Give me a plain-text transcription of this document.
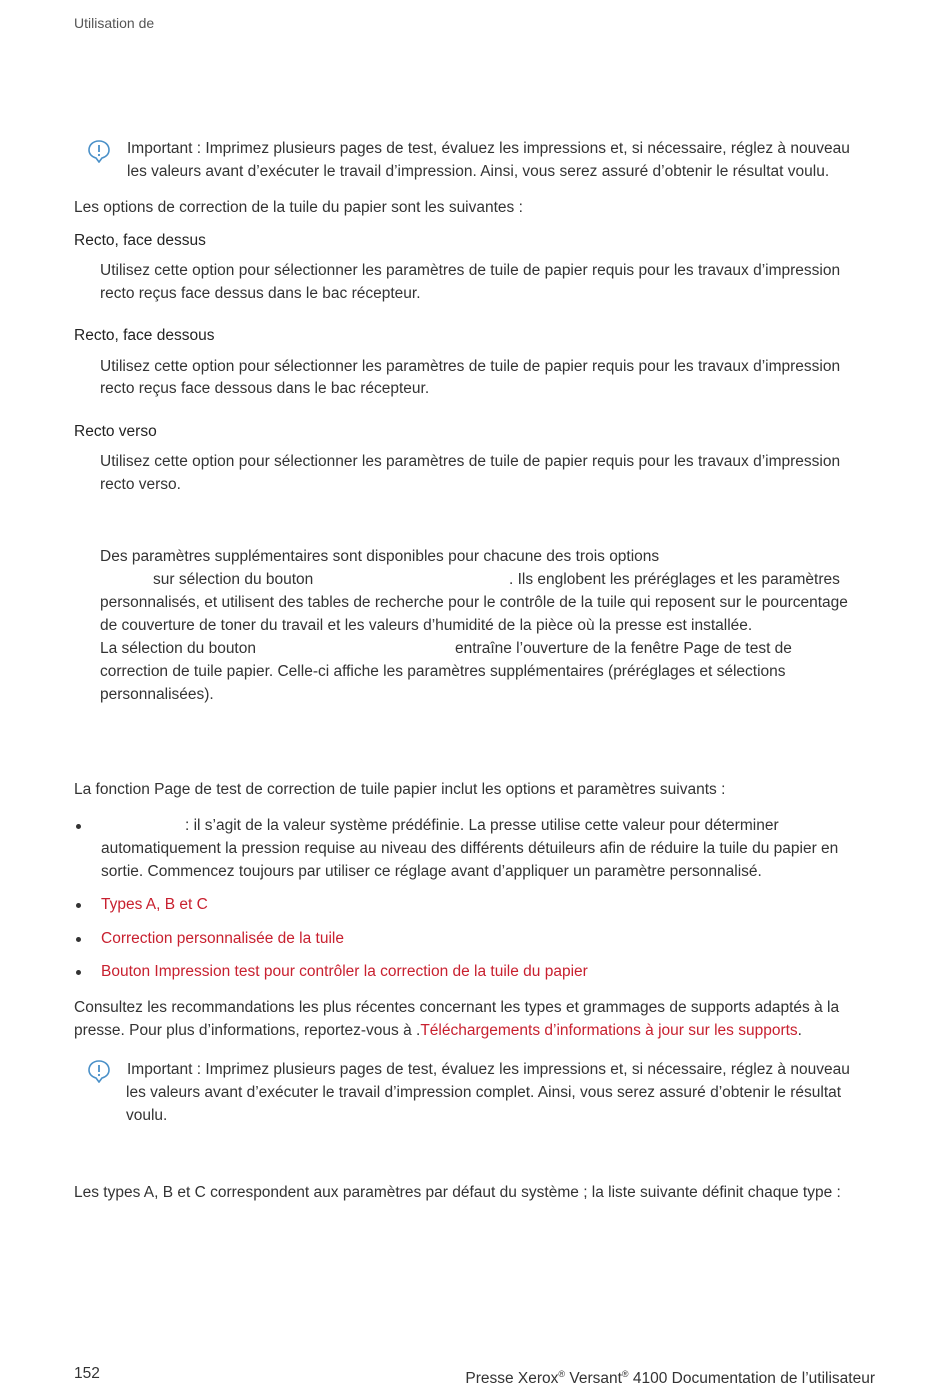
Utilisation de
Important : Imprimez plusieurs pages de test, évaluez les impressions et, si nécessaire, réglez à nouveau
les valeurs avant d’exécuter le travail d’impression. Ainsi, vous serez assuré d’obtenir le résultat voulu.
Les options de correction de la tuile du papier sont les suivantes :
Recto, face dessus
Utilisez cette option pour sélectionner les paramètres de tuile de papier requis pour les travaux d’impression
recto reçus face dessus dans le bac récepteur.
Recto, face dessous
Utilisez cette option pour sélectionner les paramètres de tuile de papier requis pour les travaux d’impression
recto reçus face dessous dans le bac récepteur.
Recto verso
Utilisez cette option pour sélectionner les paramètres de tuile de papier requis pour les travaux d’impression
recto verso.
Des paramètres supplémentaires sont disponibles pour chacune des trois options
sur sélection du bouton	. Ils englobent les préréglages et les paramètres
personnalisés, et utilisent des tables de recherche pour le contrôle de la tuile qui reposent sur le pourcentage
de couverture de toner du travail et les valeurs d’humidité de la pièce où la presse est installée.
La sélection du bouton	entraîne l’ouverture de la fenêtre Page de test de
correction de tuile papier. Celle-ci affiche les paramètres supplémentaires (préréglages et sélections
personnalisées).
La fonction Page de test de correction de tuile papier inclut les options et paramètres suivants :
: il s’agit de la valeur système prédéfinie. La presse utilise cette valeur pour déterminer
automatiquement la pression requise au niveau des différents détuileurs afin de réduire la tuile du papier en
sortie. Commencez toujours par utiliser ce réglage avant d’appliquer un paramètre personnalisé.
Types A, B et C
Correction personnalisée de la tuile
Bouton Impression test pour contrôler la correction de la tuile du papier
Consultez les recommandations les plus récentes concernant les types et grammages de supports adaptés à la
presse. Pour plus d’informations, reportez-vous à .Téléchargements d’informations à jour sur les supports.
Important : Imprimez plusieurs pages de test, évaluez les impressions et, si nécessaire, réglez à nouveau
les valeurs avant d’exécuter le travail d’impression complet. Ainsi, vous serez assuré d’obtenir le résultat
voulu.
Les types A, B et C correspondent aux paramètres par défaut du système ; la liste suivante définit chaque type :
152	Presse Xerox® Versant® 4100 Documentation de l’utilisateur
